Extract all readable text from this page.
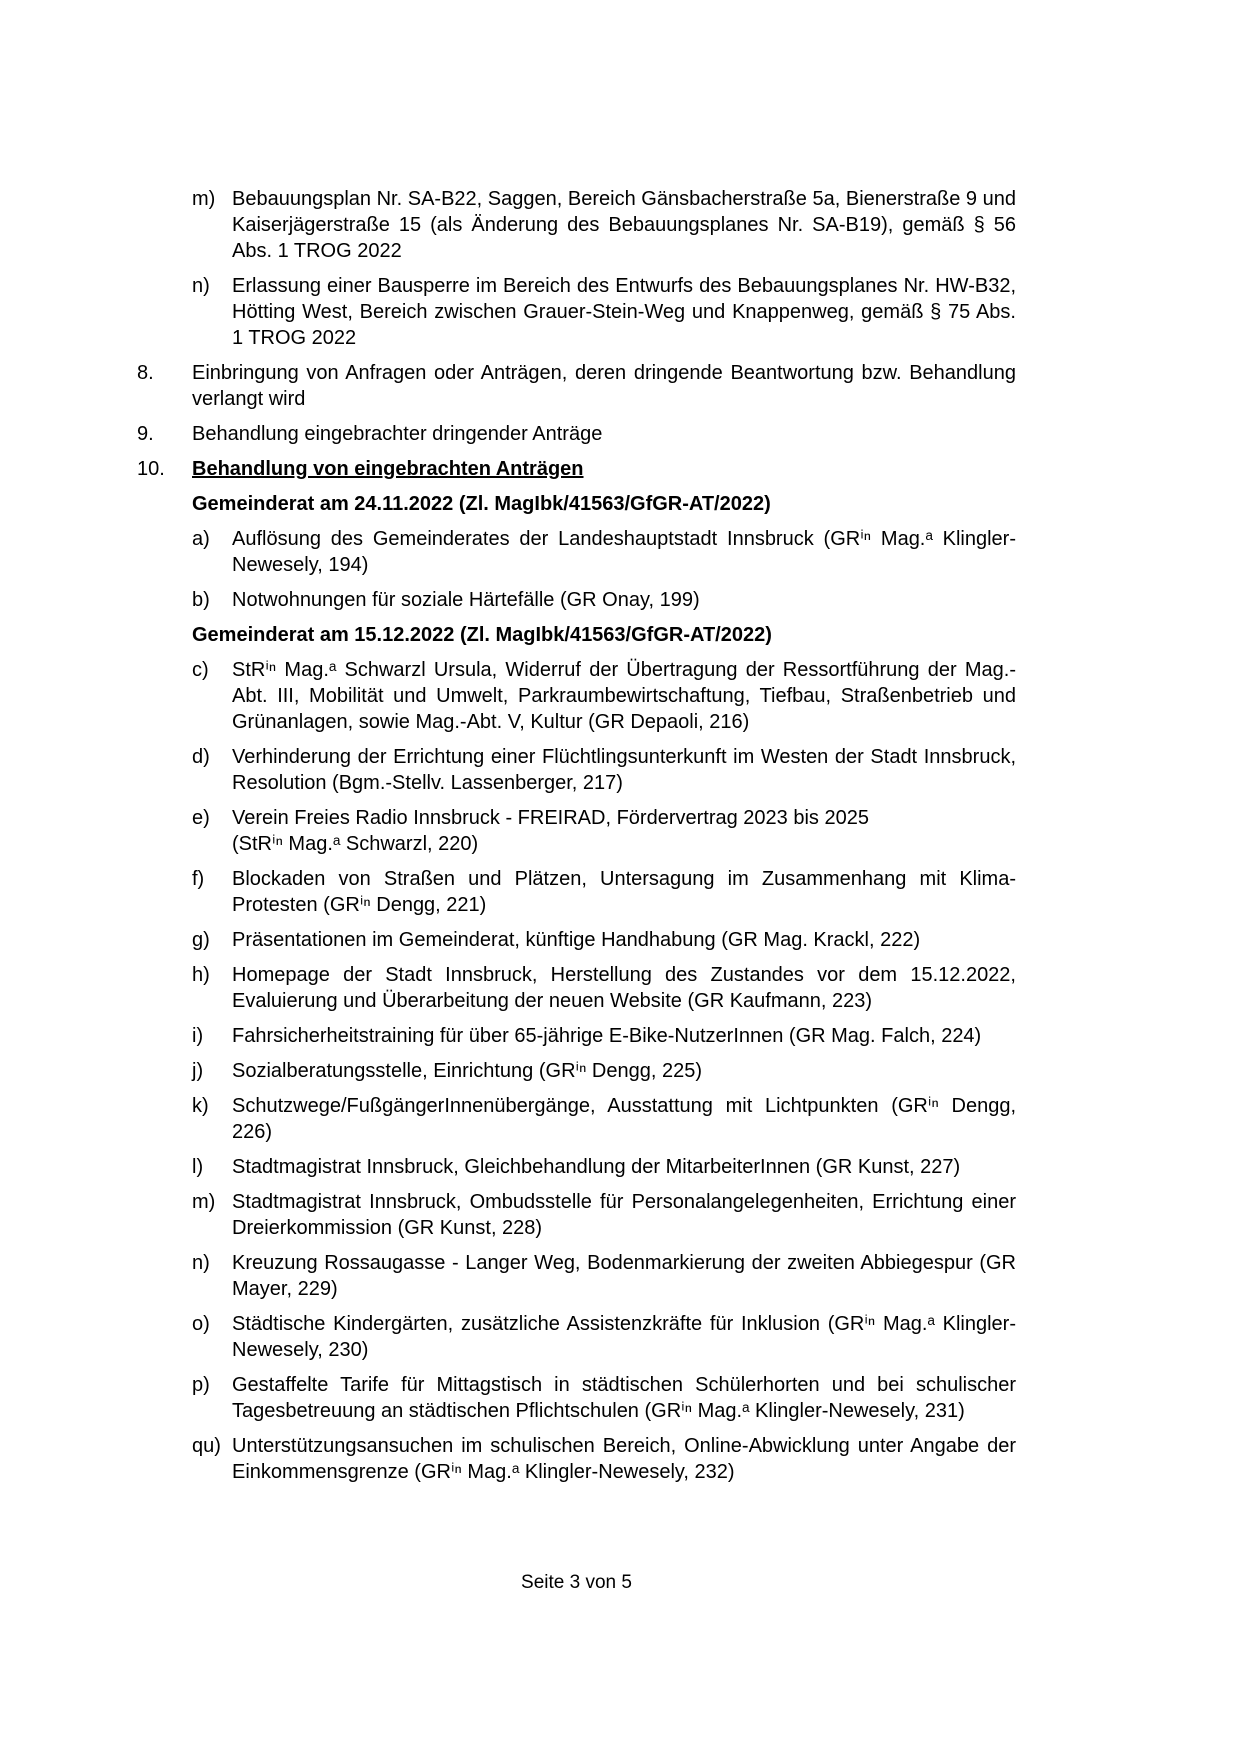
m) Bebauungsplan Nr. SA-B22, Saggen, Bereich Gänsbacherstraße 5a, Bienerstraße 9 und Kaiserjägerstraße 15 (als Änderung des Bebauungsplanes Nr. SA-B19), gemäß § 56 Abs. 1 TROG 2022
n)	Erlassung einer Bausperre im Bereich des Entwurfs des Bebauungsplanes Nr. HW-B32, Hötting West, Bereich zwischen Grauer-Stein-Weg und Knappenweg, gemäß § 75 Abs. 1 TROG 2022
8.	Einbringung von Anfragen oder Anträgen, deren dringende Beantwortung bzw. Behandlung verlangt wird
9.	Behandlung eingebrachter dringender Anträge
10.	Behandlung von eingebrachten Anträgen
Gemeinderat am 24.11.2022 (Zl. MagIbk/41563/GfGR-AT/2022)
a)	Auflösung des Gemeinderates der Landeshauptstadt Innsbruck (GRⁱⁿ Mag.ᵃ Klingler-Newesely, 194)
b)	Notwohnungen für soziale Härtefälle (GR Onay, 199)
Gemeinderat am 15.12.2022 (Zl. MagIbk/41563/GfGR-AT/2022)
c)	StRⁱⁿ Mag.ᵃ Schwarzl Ursula, Widerruf der Übertragung der Ressortführung der Mag.-Abt. III, Mobilität und Umwelt, Parkraumbewirtschaftung, Tiefbau, Straßenbetrieb und Grünanlagen, sowie Mag.-Abt. V, Kultur (GR Depaoli, 216)
d)	Verhinderung der Errichtung einer Flüchtlingsunterkunft im Westen der Stadt Innsbruck, Resolution (Bgm.-Stellv. Lassenberger, 217)
e)	Verein Freies Radio Innsbruck - FREIRAD, Fördervertrag 2023 bis 2025
(StRⁱⁿ Mag.ᵃ Schwarzl, 220)
f)	Blockaden von Straßen und Plätzen, Untersagung im Zusammenhang mit Klima-Protesten (GRⁱⁿ Dengg, 221)
g)	Präsentationen im Gemeinderat, künftige Handhabung (GR Mag. Krackl, 222)
h)	Homepage der Stadt Innsbruck, Herstellung des Zustandes vor dem 15.12.2022, Evaluierung und Überarbeitung der neuen Website (GR Kaufmann, 223)
i)	Fahrsicherheitstraining für über 65-jährige E-Bike-NutzerInnen (GR Mag. Falch, 224)
j)	Sozialberatungsstelle, Einrichtung (GRⁱⁿ Dengg, 225)
k)	Schutzwege/FußgängerInnenübergänge, Ausstattung mit Lichtpunkten (GRⁱⁿ Dengg, 226)
l)	Stadtmagistrat Innsbruck, Gleichbehandlung der MitarbeiterInnen (GR Kunst, 227)
m) Stadtmagistrat Innsbruck, Ombudsstelle für Personalangelegenheiten, Errichtung einer Dreierkommission (GR Kunst, 228)
n)	Kreuzung Rossaugasse - Langer Weg, Bodenmarkierung der zweiten Abbiegespur (GR Mayer, 229)
o)	Städtische Kindergärten, zusätzliche Assistenzkräfte für Inklusion (GRⁱⁿ Mag.ᵃ Klingler-Newesely, 230)
p)	Gestaffelte Tarife für Mittagstisch in städtischen Schülerhorten und bei schulischer Tagesbetreuung an städtischen Pflichtschulen (GRⁱⁿ Mag.ᵃ Klingler-Newesely, 231)
qu) Unterstützungsansuchen im schulischen Bereich, Online-Abwicklung unter Angabe der Einkommensgrenze (GRⁱⁿ Mag.ᵃ Klingler-Newesely, 232)
Seite 3 von 5
